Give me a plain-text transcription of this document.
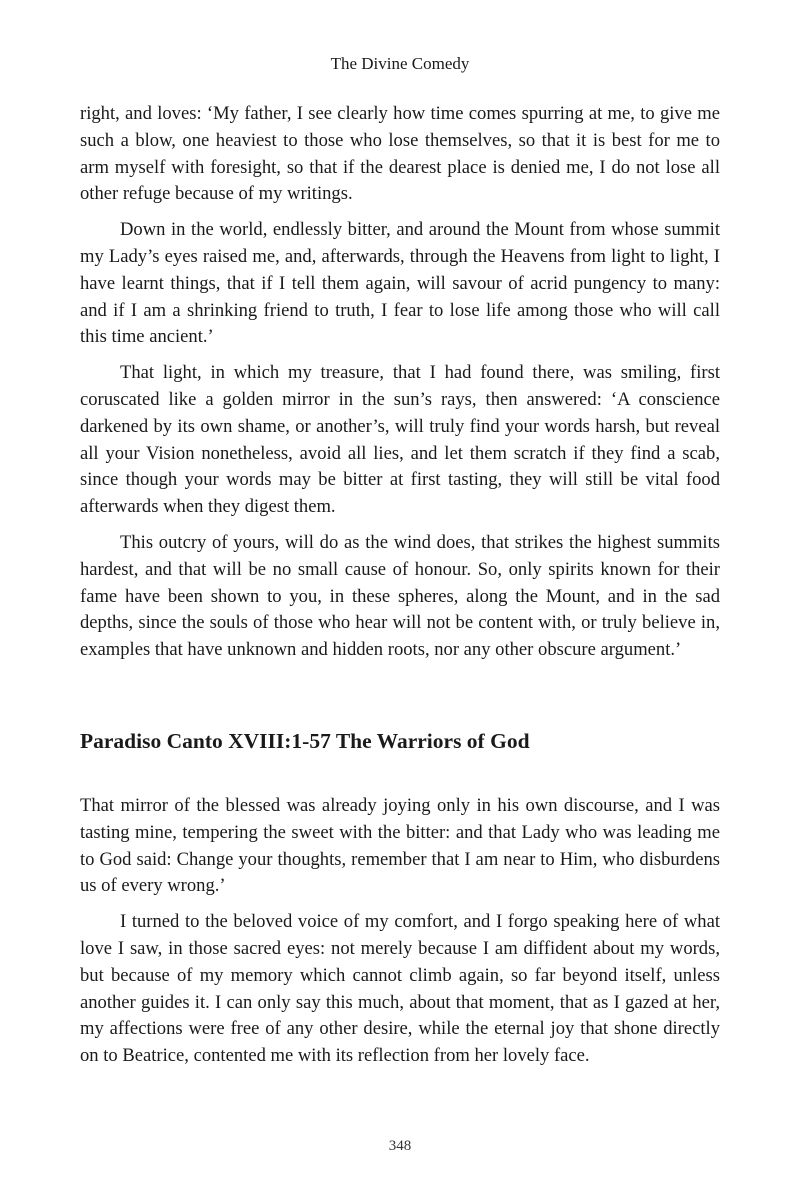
The Divine Comedy

right, and loves: ‘My father, I see clearly how time comes spurring at me, to give me such a blow, one heaviest to those who lose themselves, so that it is best for me to arm myself with foresight, so that if the dearest place is denied me, I do not lose all other refuge because of my writings.

Down in the world, endlessly bitter, and around the Mount from whose summit my Lady’s eyes raised me, and, afterwards, through the Heavens from light to light, I have learnt things, that if I tell them again, will savour of acrid pungency to many: and if I am a shrinking friend to truth, I fear to lose life among those who will call this time ancient.’

That light, in which my treasure, that I had found there, was smiling, first coruscated like a golden mirror in the sun’s rays, then answered: ‘A conscience darkened by its own shame, or another’s, will truly find your words harsh, but reveal all your Vision nonetheless, avoid all lies, and let them scratch if they find a scab, since though your words may be bitter at first tasting, they will still be vital food afterwards when they digest them.

This outcry of yours, will do as the wind does, that strikes the highest summits hardest, and that will be no small cause of honour. So, only spirits known for their fame have been shown to you, in these spheres, along the Mount, and in the sad depths, since the souls of those who hear will not be content with, or truly believe in, examples that have unknown and hidden roots, nor any other obscure argument.’

Paradiso Canto XVIII:1-57 The Warriors of God

That mirror of the blessed was already joying only in his own discourse, and I was tasting mine, tempering the sweet with the bitter: and that Lady who was leading me to God said: Change your thoughts, remember that I am near to Him, who disburdens us of every wrong.’

I turned to the beloved voice of my comfort, and I forgo speaking here of what love I saw, in those sacred eyes: not merely because I am diffident about my words, but because of my memory which cannot climb again, so far beyond itself, unless another guides it. I can only say this much, about that moment, that as I gazed at her, my affections were free of any other desire, while the eternal joy that shone directly on to Beatrice, contented me with its reflection from her lovely face.

348
